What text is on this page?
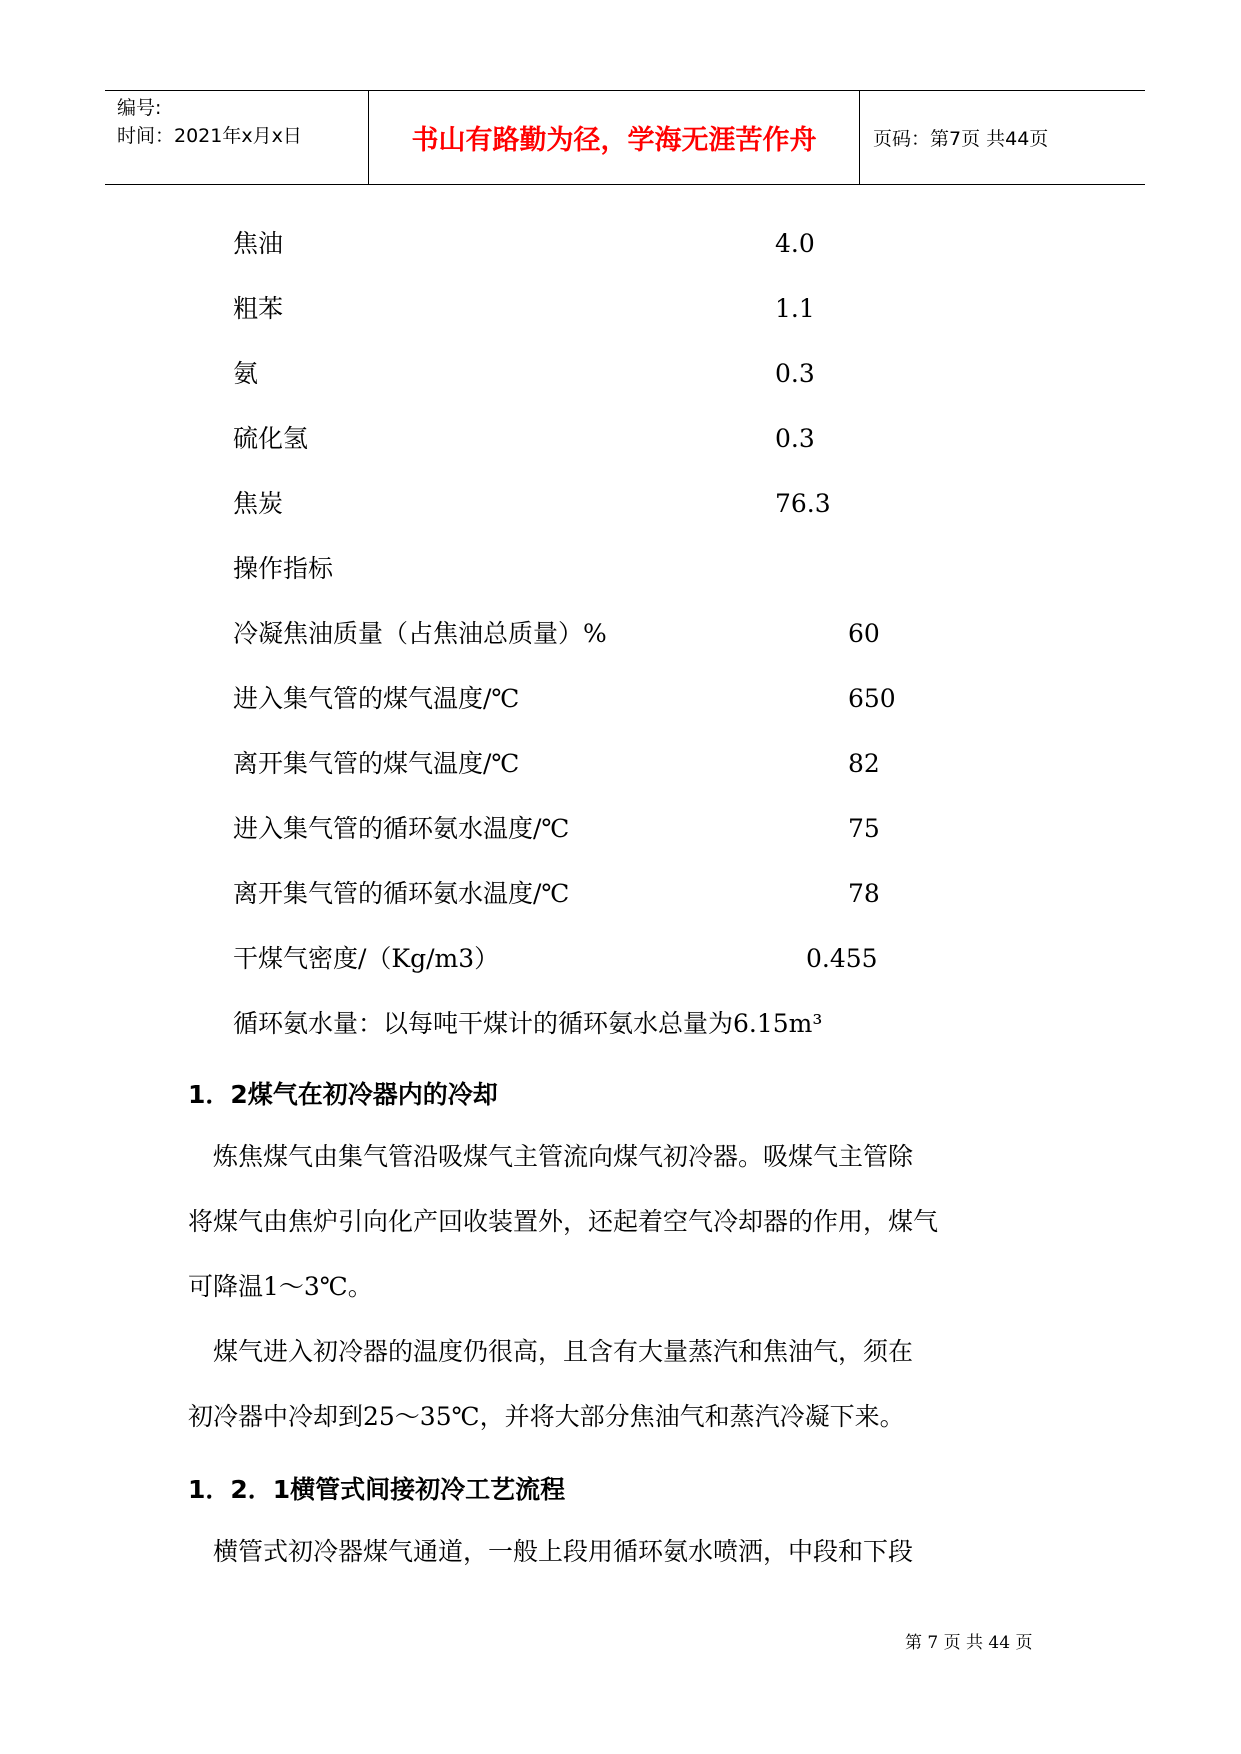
编号:
时间：2021年x月x日	书山有路勤为径，学海无涯苦作舟	页码：第7页 共44页
焦油	4.0
粗苯	1.1
氨	0.3
硫化氢	0.3
焦炭	76.3
操作指标
冷凝焦油质量（占焦油总质量）%	60
进入集气管的煤气温度/℃	650
离开集气管的煤气温度/℃	82
进入集气管的循环氨水温度/℃	75
离开集气管的循环氨水温度/℃	78
干煤气密度/（Kg/m3）	0.455
循环氨水量：以每吨干煤计的循环氨水总量为6.15m³
1．2煤气在初冷器内的冷却
　炼焦煤气由集气管沿吸煤气主管流向煤气初冷器。吸煤气主管除
将煤气由焦炉引向化产回收装置外，还起着空气冷却器的作用，煤气
可降温1～3℃。
　煤气进入初冷器的温度仍很高，且含有大量蒸汽和焦油气，须在
初冷器中冷却到25～35℃，并将大部分焦油气和蒸汽冷凝下来。
1．2．1横管式间接初冷工艺流程
　横管式初冷器煤气通道，一般上段用循环氨水喷洒，中段和下段
第 7 页 共 44 页
